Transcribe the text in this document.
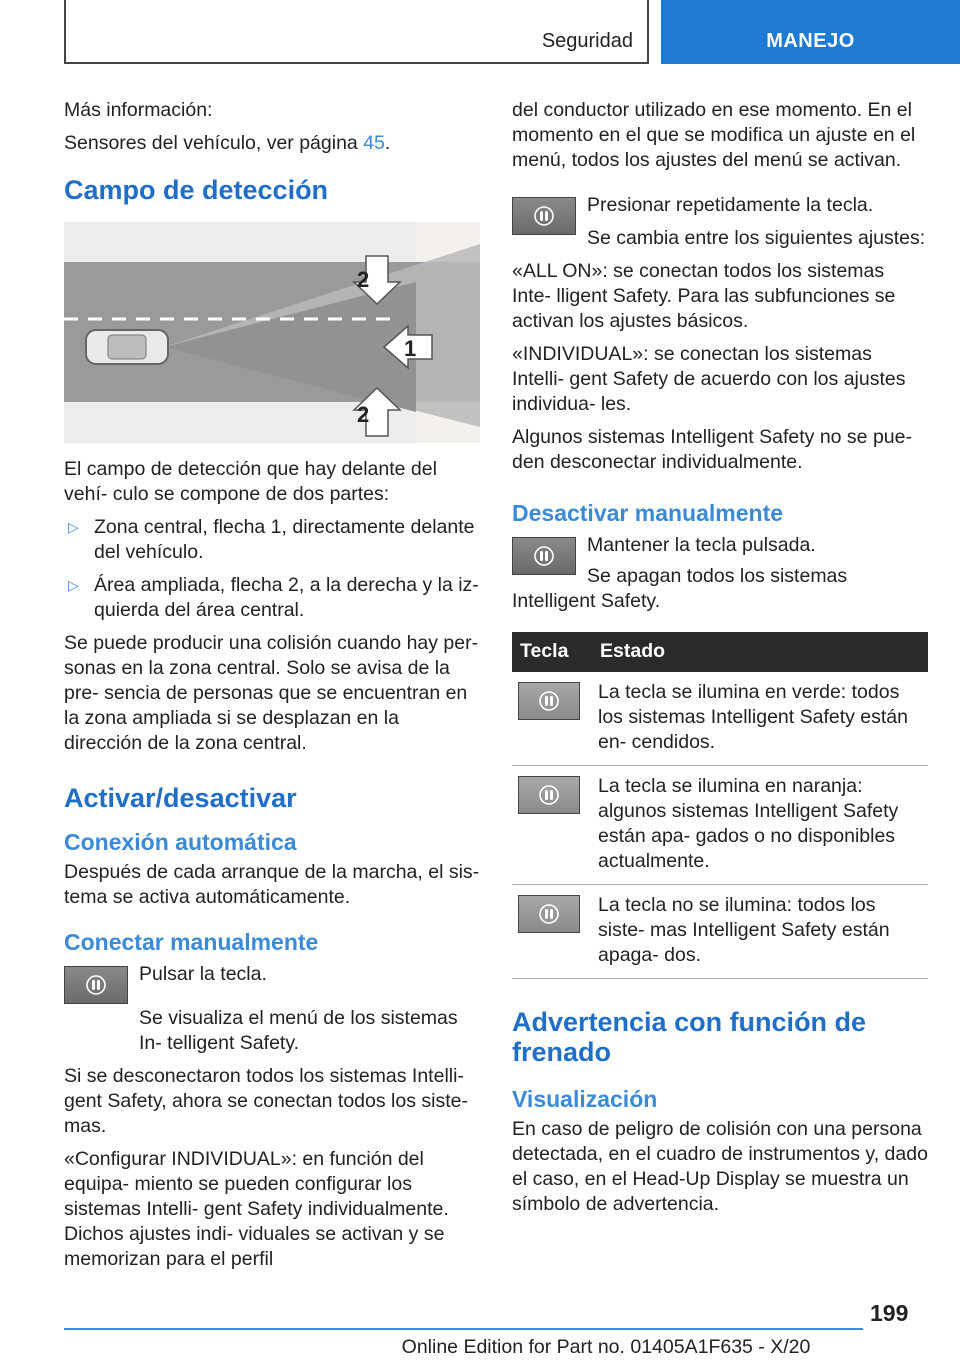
Seguridad	MANEJO

Más información:

Sensores del vehículo, ver página 45.

Campo de detección
1
2
2

El campo de detección que hay delante del vehí- culo se compone de dos partes:

▷ Zona central, flecha 1, directamente delante del vehículo.
▷ Área ampliada, flecha 2, a la derecha y la iz- quierda del área central.

Se puede producir una colisión cuando hay per- sonas en la zona central. Solo se avisa de la pre- sencia de personas que se encuentran en la zona ampliada si se desplazan en la dirección de la zona central.

Activar/desactivar
Conexión automática

Después de cada arranque de la marcha, el sis- tema se activa automáticamente.

Conectar manualmente

Pulsar la tecla.

Se visualiza el menú de los sistemas In- telligent Safety.

Si se desconectaron todos los sistemas Intelli- gent Safety, ahora se conectan todos los siste- mas.

«Configurar INDIVIDUAL»: en función del equipa- miento se pueden configurar los sistemas Intelli- gent Safety individualmente. Dichos ajustes indi- viduales se activan y se memorizan para el perfil

del conductor utilizado en ese momento. En el momento en el que se modifica un ajuste en el menú, todos los ajustes del menú se activan.

Presionar repetidamente la tecla.

Se cambia entre los siguientes ajustes:

«ALL ON»: se conectan todos los sistemas Inte- lligent Safety. Para las subfunciones se activan los ajustes básicos.

«INDIVIDUAL»: se conectan los sistemas Intelli- gent Safety de acuerdo con los ajustes individua- les.

Algunos sistemas Intelligent Safety no se pue- den desconectar individualmente.

Desactivar manualmente

Mantener la tecla pulsada.

Se apagan todos los sistemas Intelligent Safety.

Tecla	Estado

	La tecla se ilumina en verde: todos los sistemas Intelligent Safety están en- cendidos.

	La tecla se ilumina en naranja: algunos sistemas Intelligent Safety están apa- gados o no disponibles actualmente.

	La tecla no se ilumina: todos los siste- mas Intelligent Safety están apaga- dos.
Advertencia con función de frenado
Visualización

En caso de peligro de colisión con una persona detectada, en el cuadro de instrumentos y, dado el caso, en el Head-Up Display se muestra un símbolo de advertencia.

199
Online Edition for Part no. 01405A1F635 - X/20
